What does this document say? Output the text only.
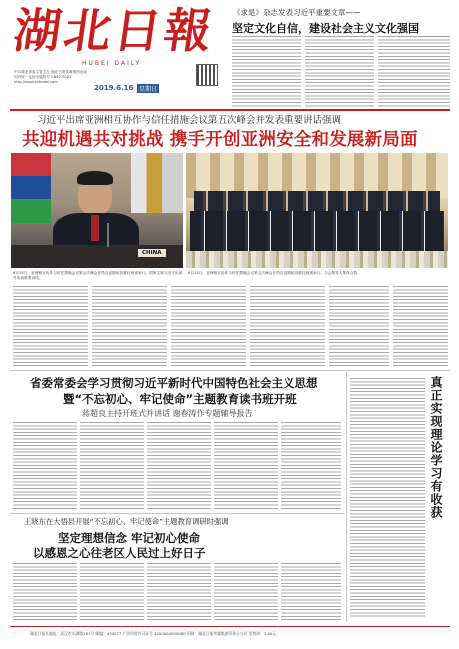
湖北日報
HUBEI DAILY
中共湖北省委主管主办 湖北日报传媒集团出版
国内统一连续出版物号 CN42-0001
http://www.cnhubei.com
2019.6.16 星期日
《求是》杂志发表习近平重要文章——
坚定文化自信，建设社会主义文化强国
习近平出席亚洲相互协作与信任措施会议第五次峰会并发表重要讲话强调
共迎机遇共对挑战 携手开创亚洲安全和发展新局面
CHINA
6月15日，亚洲相互协作与信任措施会议第五次峰会在塔吉克斯坦首都杜尚别举行。国家主席习近平出席并发表重要讲话。
6月15日，亚洲相互协作与信任措施会议第五次峰会在塔吉克斯坦首都杜尚别举行。与会领导人集体合影。
省委常委会学习贯彻习近平新时代中国特色社会主义思想
暨“不忘初心、牢记使命”主题教育读书班开班
蒋超良主持开班式并讲话 谢春涛作专题辅导报告	真正实现理论学习有收获
王晓东在大悟县开展“不忘初心、牢记使命”主题教育调研时强调
坚定理想信念 牢记初心使命
以感恩之心往老区人民过上好日子
湖北日报社地址：武汉市东湖路181号 邮编：430077 广告经营许可证号 4200004000060 印刷：湖北日报传媒集团印务分公司 零售价：1.00元
